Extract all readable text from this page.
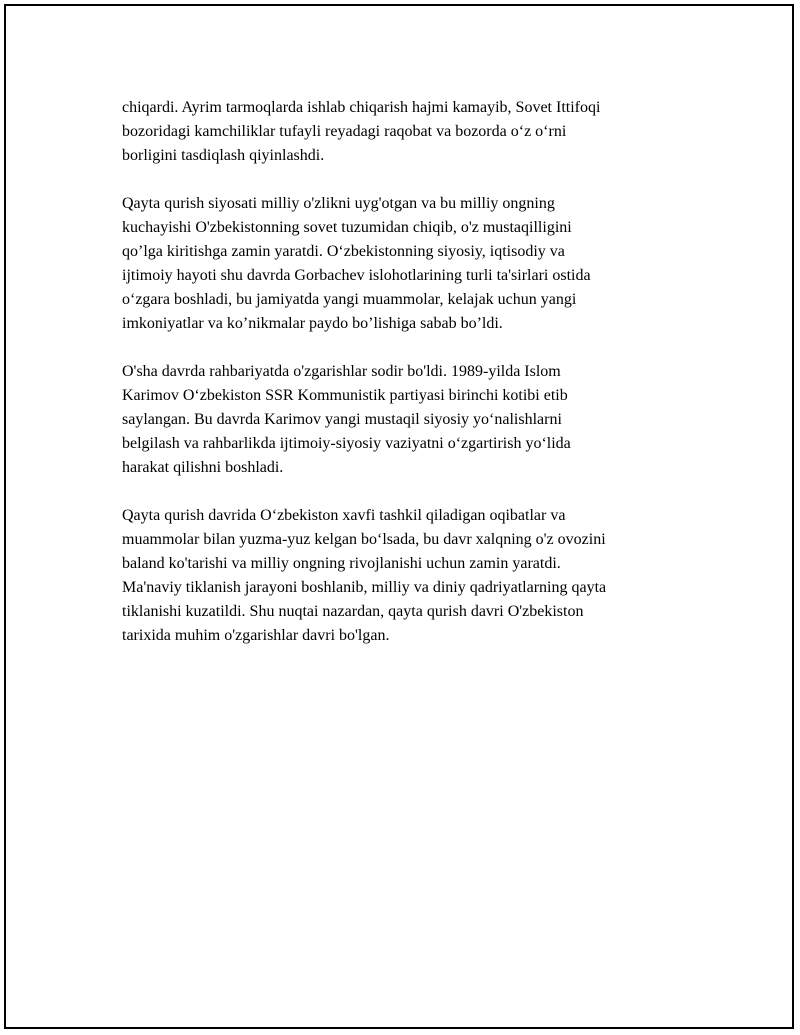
chiqardi. Ayrim tarmoqlarda ishlab chiqarish hajmi kamayib, Sovet Ittifoqi
bozoridagi kamchiliklar tufayli reyadagi raqobat va bozorda o‘z o‘rni
borligini tasdiqlash qiyinlashdi.

Qayta qurish siyosati milliy o'zlikni uyg'otgan va bu milliy ongning
kuchayishi O'zbekistonning sovet tuzumidan chiqib, o'z mustaqilligini
qo’lga kiritishga zamin yaratdi. O‘zbekistonning siyosiy, iqtisodiy va
ijtimoiy hayoti shu davrda Gorbachev islohotlarining turli ta'sirlari ostida
o‘zgara boshladi, bu jamiyatda yangi muammolar, kelajak uchun yangi
imkoniyatlar va ko’nikmalar paydo bo’lishiga sabab bo’ldi.

O'sha davrda rahbariyatda o'zgarishlar sodir bo'ldi. 1989-yilda Islom
Karimov O‘zbekiston SSR Kommunistik partiyasi birinchi kotibi etib
saylangan. Bu davrda Karimov yangi mustaqil siyosiy yo‘nalishlarni
belgilash va rahbarlikda ijtimoiy-siyosiy vaziyatni o‘zgartirish yo‘lida
harakat qilishni boshladi.

Qayta qurish davrida O‘zbekiston xavfi tashkil qiladigan oqibatlar va
muammolar bilan yuzma-yuz kelgan bo‘lsada, bu davr xalqning o'z ovozini
baland ko'tarishi va milliy ongning rivojlanishi uchun zamin yaratdi.
Ma'naviy tiklanish jarayoni boshlanib, milliy va diniy qadriyatlarning qayta
tiklanishi kuzatildi. Shu nuqtai nazardan, qayta qurish davri O'zbekiston
tarixida muhim o'zgarishlar davri bo'lgan.
